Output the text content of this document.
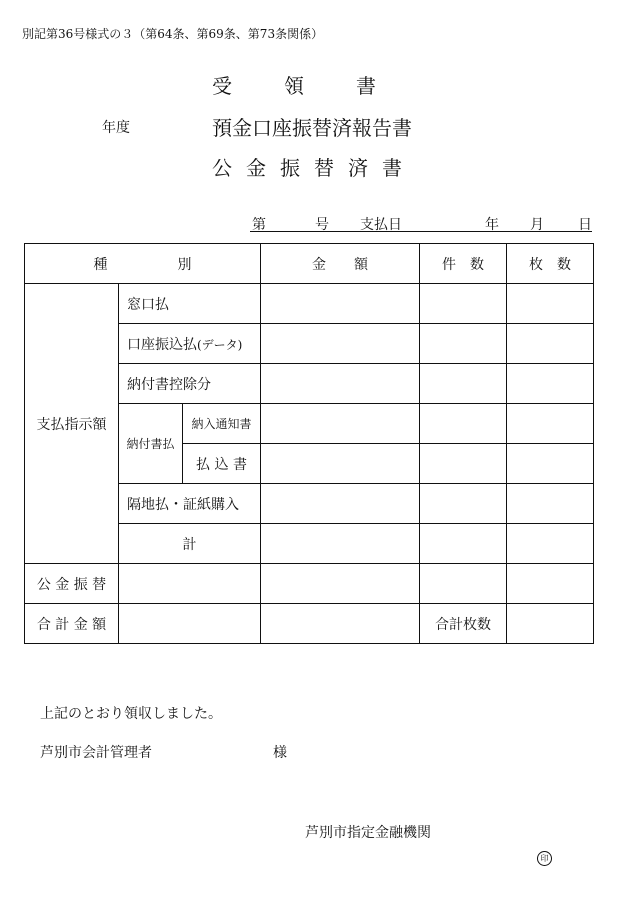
別記第36号様式の３（第64条、第69条、第73条関係）
受領書
年度	預金口座振替済報告書
公金振替済書
第	号 支払日	年 月 日
種　　　　　別			金　　額	件　数	枚　数
支払指示額	窓口払				
	口座振込払(データ)				
	納付書控除分				
	納付書払	納入通知書			
		払 込 書			
	隔地払・証紙購入				
	計				
公 金 振 替					
合 計 金 額				合計枚数	
上記のとおり領収しました。
芦別市会計管理者	様
芦別市指定金融機関
印
